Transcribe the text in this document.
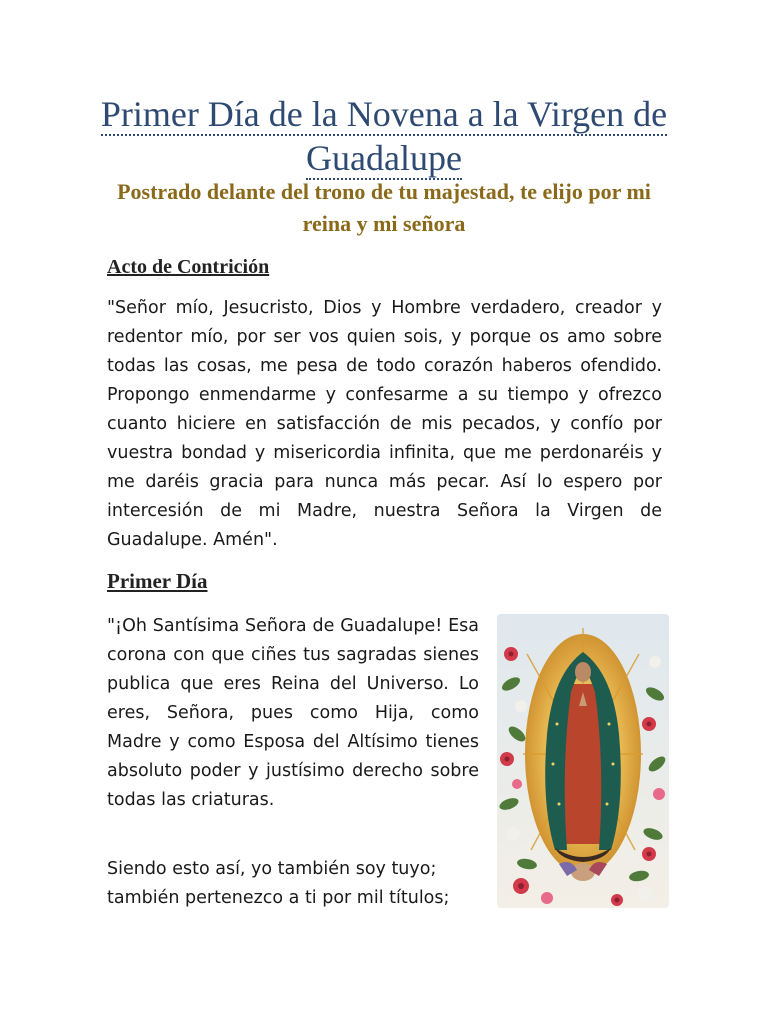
Primer Día de la Novena a la Virgen de Guadalupe
Postrado delante del trono de tu majestad, te elijo por mi reina y mi señora
Acto de Contrición

"Señor mío, Jesucristo, Dios y Hombre verdadero, creador y redentor mío, por ser vos quien sois, y porque os amo sobre todas las cosas, me pesa de todo corazón haberos ofendido. Propongo enmendarme y confesarme a su tiempo y ofrezco cuanto hiciere en satisfacción de mis pecados, y confío por vuestra bondad y misericordia infinita, que me perdonaréis y me daréis gracia para nunca más pecar. Así lo espero por intercesión de mi Madre, nuestra Señora la Virgen de Guadalupe. Amén".

Primer Día

"¡Oh Santísima Señora de Guadalupe! Esa corona con que ciñes tus sagradas sienes publica que eres Reina del Universo. Lo eres, Señora, pues como Hija, como Madre y como Esposa del Altísimo tienes absoluto poder y justísimo derecho sobre todas las criaturas.

Siendo esto así, yo también soy tuyo; también pertenezco a ti por mil títulos;
